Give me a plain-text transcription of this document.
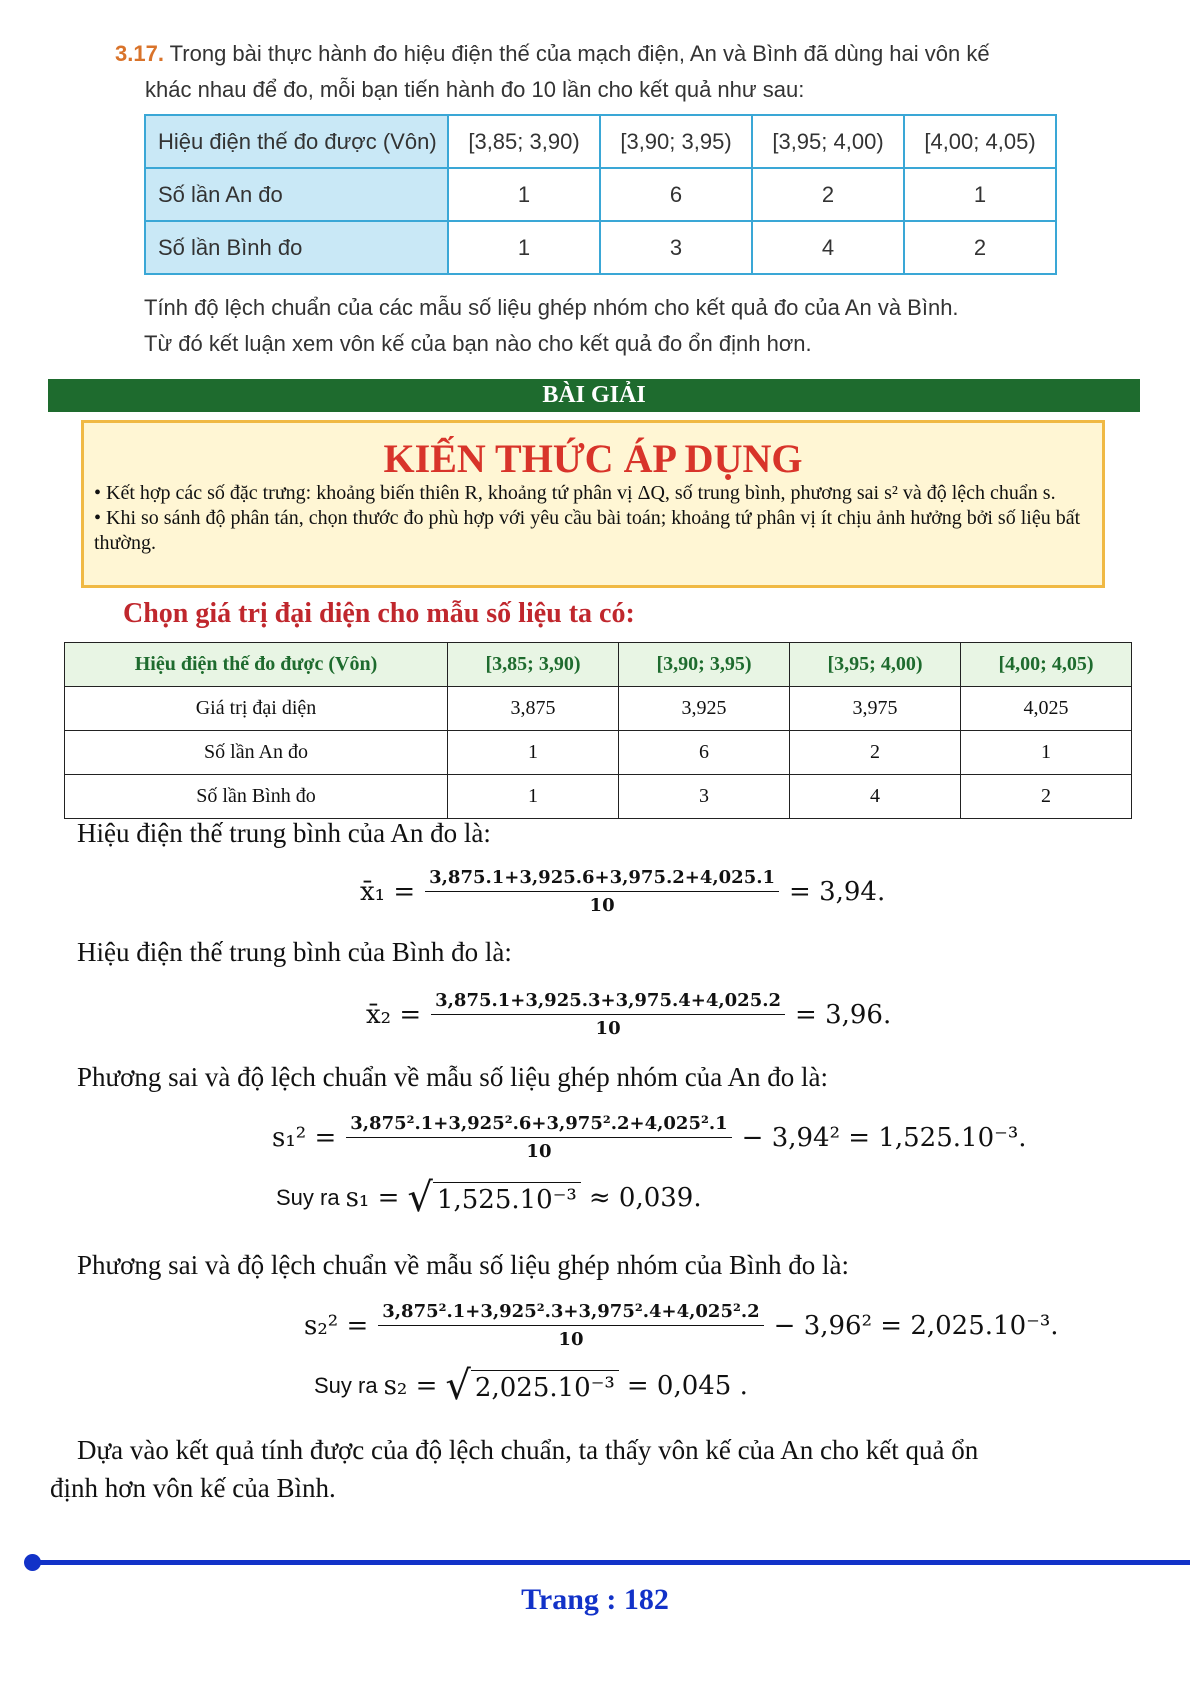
3.17. Trong bài thực hành đo hiệu điện thế của mạch điện, An và Bình đã dùng hai vôn kế
khác nhau để đo, mỗi bạn tiến hành đo 10 lần cho kết quả như sau:
Hiệu điện thế đo được (Vôn)	[3,85; 3,90)	[3,90; 3,95)	[3,95; 4,00)	[4,00; 4,05)
Số lần An đo	1	6	2	1
Số lần Bình đo	1	3	4	2
Tính độ lệch chuẩn của các mẫu số liệu ghép nhóm cho kết quả đo của An và Bình.
Từ đó kết luận xem vôn kế của bạn nào cho kết quả đo ổn định hơn.
BÀI GIẢI
KIẾN THỨC ÁP DỤNG
• Kết hợp các số đặc trưng: khoảng biến thiên R, khoảng tứ phân vị ΔQ, số trung bình, phương sai s² và độ lệch chuẩn s.
• Khi so sánh độ phân tán, chọn thước đo phù hợp với yêu cầu bài toán; khoảng tứ phân vị ít chịu ảnh hưởng bởi số liệu bất thường.
Chọn giá trị đại diện cho mẫu số liệu ta có:
Hiệu điện thế đo được (Vôn)	[3,85; 3,90)	[3,90; 3,95)	[3,95; 4,00)	[4,00; 4,05)
Giá trị đại diện	3,875	3,925	3,975	4,025
Số lần An đo	1	6	2	1
Số lần Bình đo	1	3	4	2
Hiệu điện thế trung bình của An đo là:
x̄₁ = $\frac{3,875.1+3,925.6+3,975.2+4,025.1}{10} = 3,94$.
Hiệu điện thế trung bình của Bình đo là:
x̄₂ = $\frac{3,875.1+3,925.3+3,975.4+4,025.2}{10} = 3,96$.
Phương sai và độ lệch chuẩn về mẫu số liệu ghép nhóm của An đo là:
$s_1^2 = \frac{\text{3,875².1+3,925².6+3,975².2+4,025².1}}{10} - 3,94^2 = 1,525.10^{-3}$.
Suy ra s₁ = √ 1,525.10⁻³ ≈ 0,039.
Phương sai và độ lệch chuẩn về mẫu số liệu ghép nhóm của Bình đo là:
$s_2^2 = \frac{\text{3,875².1+3,925².3+3,975².4+4,025².2}}{10} - 3,96^2 = 2,025.10^{-3}$.
Suy ra s₂ = √ 2,025.10⁻³ = 0,045 .
Dựa vào kết quả tính được của độ lệch chuẩn, ta thấy vôn kế của An cho kết quả ổn
định hơn vôn kế của Bình.
Trang : 182
